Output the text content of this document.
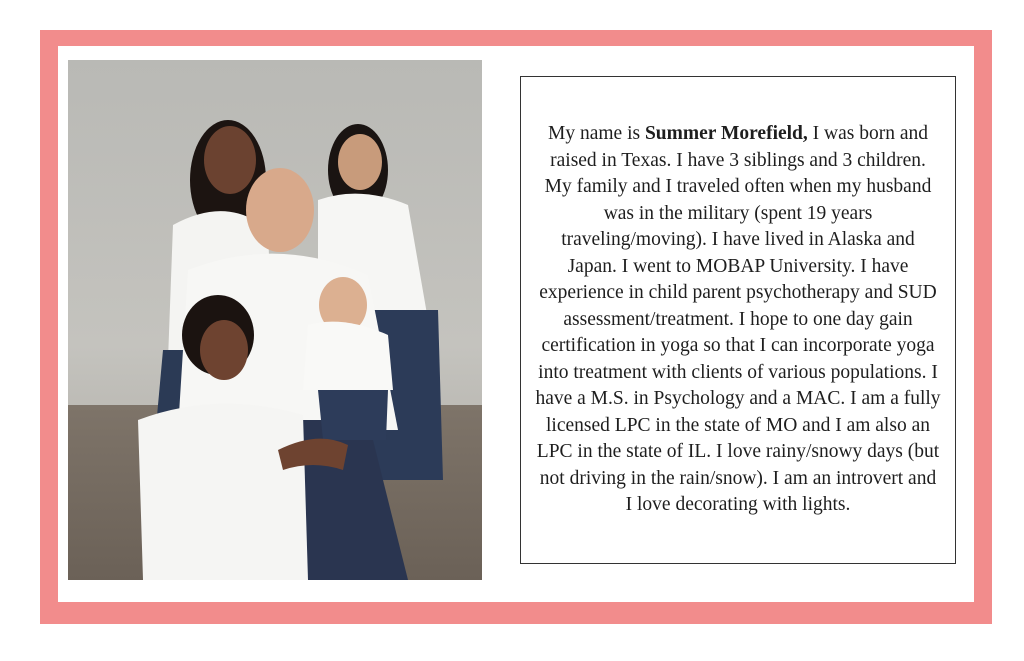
My name is Summer Morefield, I was born and raised in Texas. I have 3 siblings and 3 children. My family and I traveled often when my husband was in the military (spent 19 years traveling/moving). I have lived in Alaska and Japan. I went to MOBAP University. I have experience in child parent psychotherapy and SUD assessment/treatment. I hope to one day gain certification in yoga so that I can incorporate yoga into treatment with clients of various populations. I have a M.S. in Psychology and a MAC. I am a fully licensed LPC in the state of MO and I am also an LPC in the state of IL. I love rainy/snowy days (but not driving in the rain/snow). I am an introvert and I love decorating with lights.
